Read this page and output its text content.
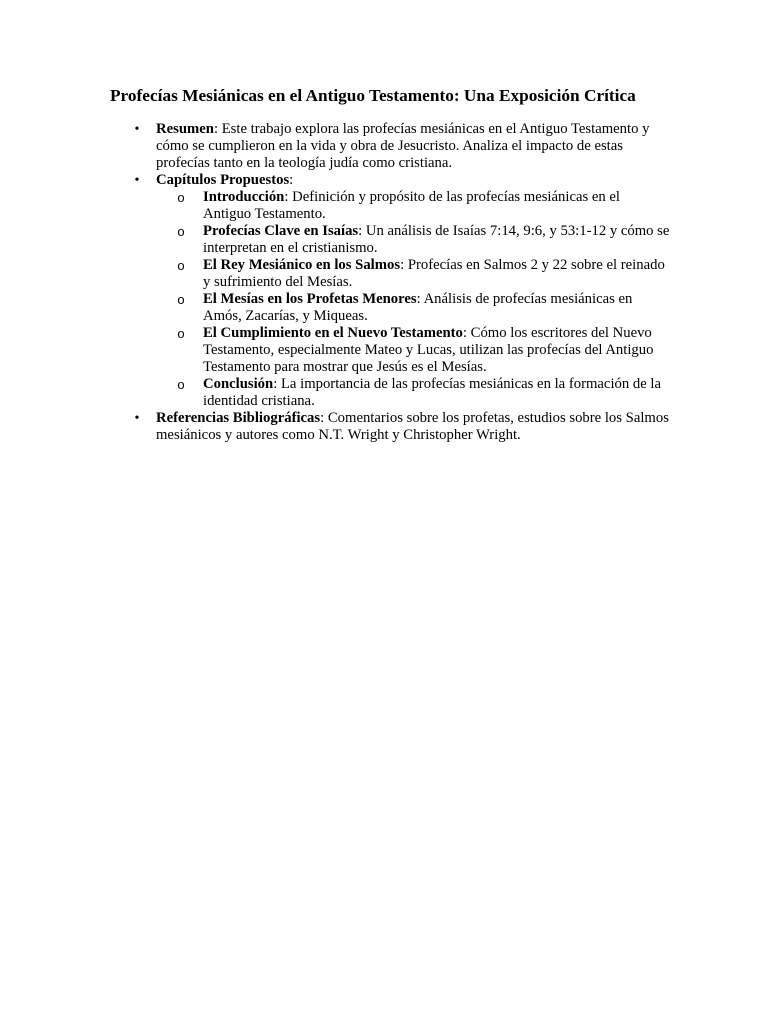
Profecías Mesiánicas en el Antiguo Testamento: Una Exposición Crítica
• Resumen: Este trabajo explora las profecías mesiánicas en el Antiguo Testamento y cómo se cumplieron en la vida y obra de Jesucristo. Analiza el impacto de estas profecías tanto en la teología judía como cristiana.
• Capítulos Propuestos:
o Introducción: Definición y propósito de las profecías mesiánicas en el Antiguo Testamento.
o Profecías Clave en Isaías: Un análisis de Isaías 7:14, 9:6, y 53:1-12 y cómo se interpretan en el cristianismo.
o El Rey Mesiánico en los Salmos: Profecías en Salmos 2 y 22 sobre el reinado y sufrimiento del Mesías.
o El Mesías en los Profetas Menores: Análisis de profecías mesiánicas en Amós, Zacarías, y Miqueas.
o El Cumplimiento en el Nuevo Testamento: Cómo los escritores del Nuevo Testamento, especialmente Mateo y Lucas, utilizan las profecías del Antiguo Testamento para mostrar que Jesús es el Mesías.
o Conclusión: La importancia de las profecías mesiánicas en la formación de la identidad cristiana.
• Referencias Bibliográficas: Comentarios sobre los profetas, estudios sobre los Salmos mesiánicos y autores como N.T. Wright y Christopher Wright.
